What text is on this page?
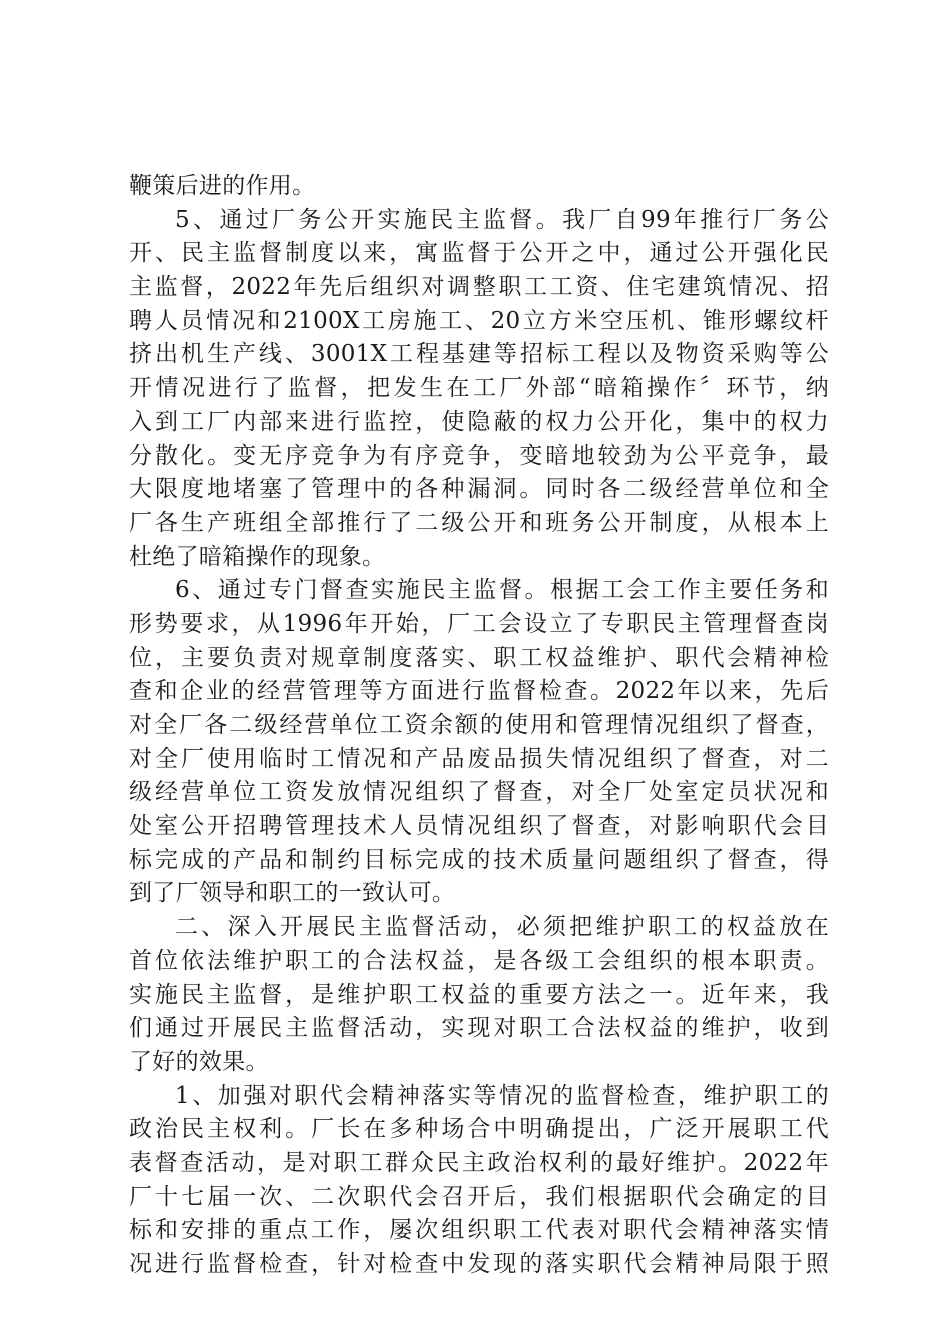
鞭策后进的作用。
5、通过厂务公开实施民主监督。我厂自99年推行厂务公
开、民主监督制度以来，寓监督于公开之中，通过公开强化民
主监督，2022年先后组织对调整职工工资、住宅建筑情况、招
聘人员情况和2100X工房施工、20立方米空压机、锥形螺纹杆
挤出机生产线、3001X工程基建等招标工程以及物资采购等公
开情况进行了监督，把发生在工厂外部“暗箱操作〞环节，纳
入到工厂内部来进行监控，使隐蔽的权力公开化，集中的权力
分散化。变无序竞争为有序竞争，变暗地较劲为公平竞争，最
大限度地堵塞了管理中的各种漏洞。同时各二级经营单位和全
厂各生产班组全部推行了二级公开和班务公开制度，从根本上
杜绝了暗箱操作的现象。
6、通过专门督查实施民主监督。根据工会工作主要任务和
形势要求，从1996年开始，厂工会设立了专职民主管理督查岗
位，主要负责对规章制度落实、职工权益维护、职代会精神检
查和企业的经营管理等方面进行监督检查。2022年以来，先后
对全厂各二级经营单位工资余额的使用和管理情况组织了督查，
对全厂使用临时工情况和产品废品损失情况组织了督查，对二
级经营单位工资发放情况组织了督查，对全厂处室定员状况和
处室公开招聘管理技术人员情况组织了督查，对影响职代会目
标完成的产品和制约目标完成的技术质量问题组织了督查，得
到了厂领导和职工的一致认可。
二、深入开展民主监督活动，必须把维护职工的权益放在
首位依法维护职工的合法权益，是各级工会组织的根本职责。
实施民主监督，是维护职工权益的重要方法之一。近年来，我
们通过开展民主监督活动，实现对职工合法权益的维护，收到
了好的效果。
1、加强对职代会精神落实等情况的监督检查，维护职工的
政治民主权利。厂长在多种场合中明确提出，广泛开展职工代
表督查活动，是对职工群众民主政治权利的最好维护。2022年
厂十七届一次、二次职代会召开后，我们根据职代会确定的目
标和安排的重点工作，屡次组织职工代表对职代会精神落实情
况进行监督检查，针对检查中发现的落实职代会精神局限于照
